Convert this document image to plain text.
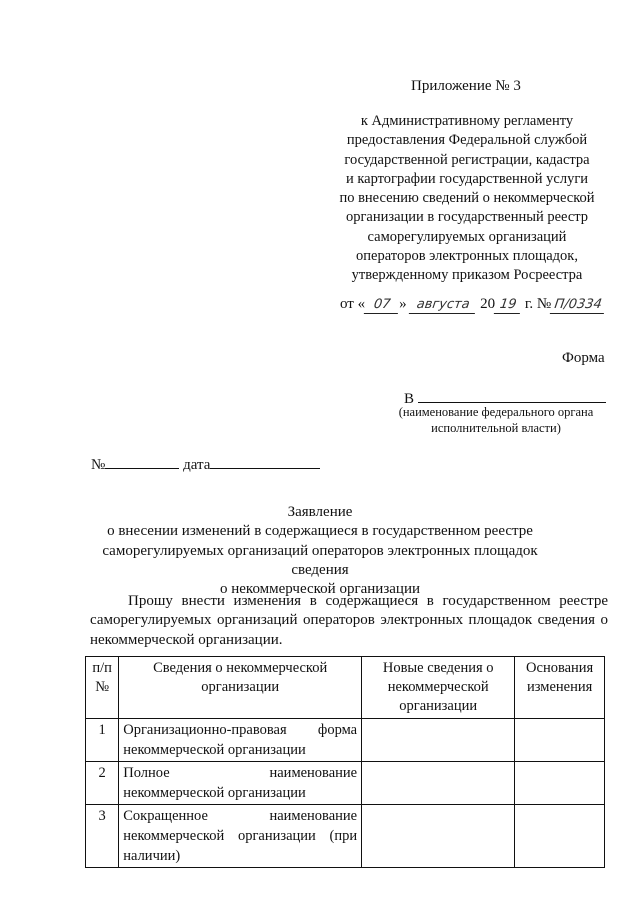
Приложение № 3
к Административному регламенту
предоставления Федеральной службой
государственной регистрации, кадастра
и картографии государственной услуги
по внесению сведений о некоммерческой
организации в государственный реестр
саморегулируемых организаций
операторов электронных площадок,
утвержденному приказом Росреестра
от « 07 » августа 20 19 г. № П/0334
Форма
В
(наименование федерального органа
исполнительной власти)
№	дата
Заявление
о внесении изменений в содержащиеся в государственном реестре
саморегулируемых организаций операторов электронных площадок сведения
о некоммерческой организации
Прошу внести изменения в содержащиеся в государственном реестре саморегулируемых организаций операторов электронных площадок сведения о некоммерческой организации.
п/п №	Сведения о некоммерческой организации	Новые сведения о некоммерческой организации	Основания изменения
1	Организационно-правовая форма некоммерческой организации		
2	Полное наименование некоммерческой организации		
3	Сокращенное наименование некоммерческой организации (при наличии)		
